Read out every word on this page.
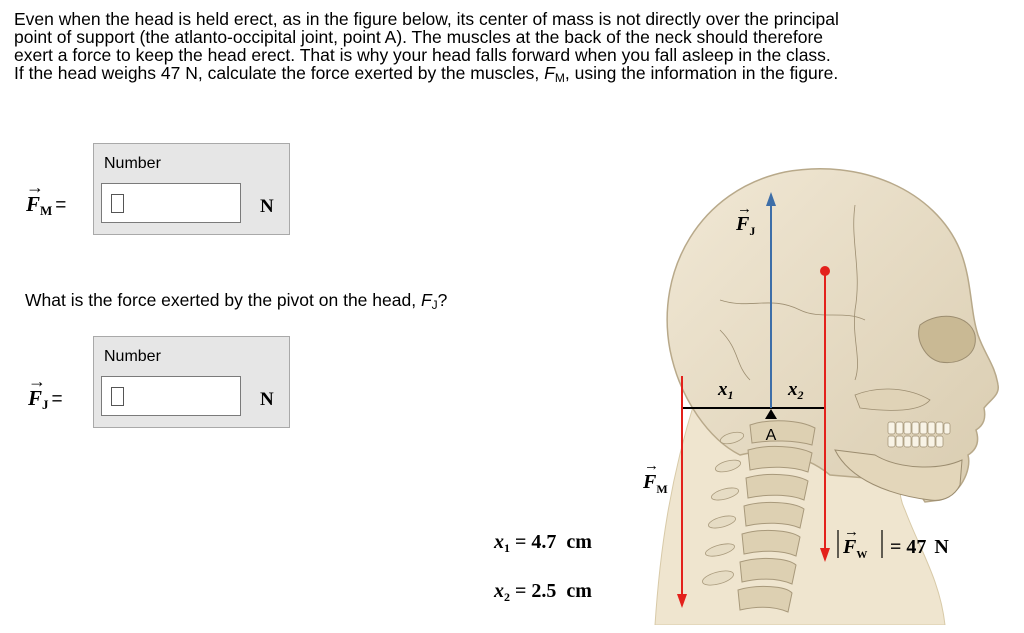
Even when the head is held erect, as in the figure below, its center of mass is not directly over the principal
point of support (the atlanto-occipital joint, point A). The muscles at the back of the neck should therefore
exert a force to keep the head erect. That is why your head falls forward when you fall asleep in the class.
If the head weighs 47 N, calculate the force exerted by the muscles, $F_M$, using the information in the figure.

→
FM =
Number
N
What is the force exerted by the pivot on the head, $F_J$?
→
FJ =
Number
N
$x_1 = 4.7$ cm
$x_2 = 2.5$ cm
A
$x_1$	$x_2$
→
$F_J$
→
$F_M$
→
$F_W = 47$ N
